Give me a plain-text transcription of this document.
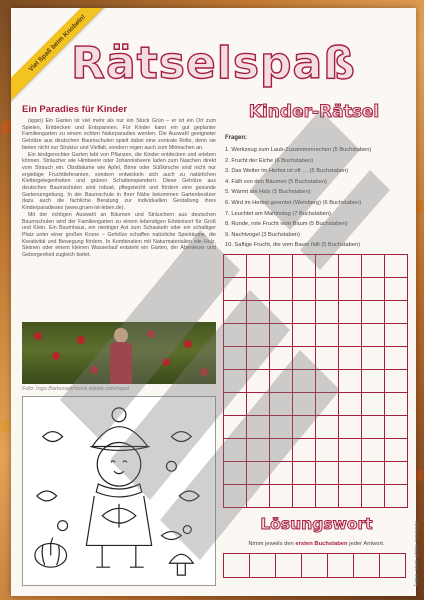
Viel Spaß beim Knobeln!
Rätselspaß
Ein Paradies für Kinder

(sppo) Ein Garten ist viel mehr als nur ein Stück Grün – er ist ein Ort zum Spielen, Entdecken und Entspannen. Für Kinder kann ein gut geplanter Familiengarten zu einem echten Naturparadies werden. Die Auswahl geeigneter Gehölze aus deutschen Baumschulen spielt dabei eine zentrale Rolle, denn sie bieten nicht nur Struktur und Vielfalt, sondern regen auch zum Mitmachen an.

Ein kindgerechter Garten lebt von Pflanzen, die Kinder entdecken und erleben können. Sträucher wie Himbeere oder Johannisbeere laden zum Naschen direkt vom Strauch ein. Obstbäume wie Apfel, Birne oder Süßkirsche sind nicht nur ergiebige Fruchtlieferanten, sondern entwickeln sich auch zu natürlichen Klettergelegenheiten und grünen Schattenspendern. Diese Gehölze aus deutschen Baumschulen sind robust, pflegeleicht und fördern eine gesunde Gartenumgebung. In der Baumschule in Ihrer Nähe bekommen Gartenbesitzer dazu auch die fachliche Beratung zur individuellen Gestaltung ihres Kinderparadieses (www.gruen-ist-leben.de).

Mit der richtigen Auswahl an Bäumen und Sträuchern aus deutschen Baumschulen wird der Familiengarten zu einem lebendigen Erlebnisort für Groß und Klein. Ein Baumhaus, ein niedriger Ast zum Schaukeln oder ein schattiger Platz unter einer großen Krone – Gehölze schaffen natürliche Spielräume, die Kreativität und Bewegung fördern. In Kombination mit Naturmaterialien wie Holz, Steinen oder einem kleinen Wasserlauf entsteht ein Garten, der Abenteuer und Geborgenheit zugleich bietet.

Foto: Ingo Bartussek/stock.adobe.com/sppo
Kinder-Rätsel
Fragen:
1. Werkzeug zum Laub-Zusammenrechen (5 Buchstaben)
2. Frucht der Eiche (6 Buchstaben)
3. Das Wetter im Herbst ist oft … (5 Buchstaben)
4. Fällt von den Bäumen (5 Buchstaben)
5. Wärmt am Hals (5 Buchstaben)
6. Wird im Herbst geerntet (Weinberg) (6 Buchstaben)
7. Leuchtet am Martinstag (7 Buchstaben)
8. Runde, rote Frucht vom Baum (5 Buchstaben)
9. Nachtvogel (3 Buchstaben)
10. Saftige Frucht, die vom Baum fällt (5 Buchstaben)
Lösungswort
Nimm jeweils den ersten Buchstaben jeder Antwort.	Fotos: stock.adobe.com/sppo
